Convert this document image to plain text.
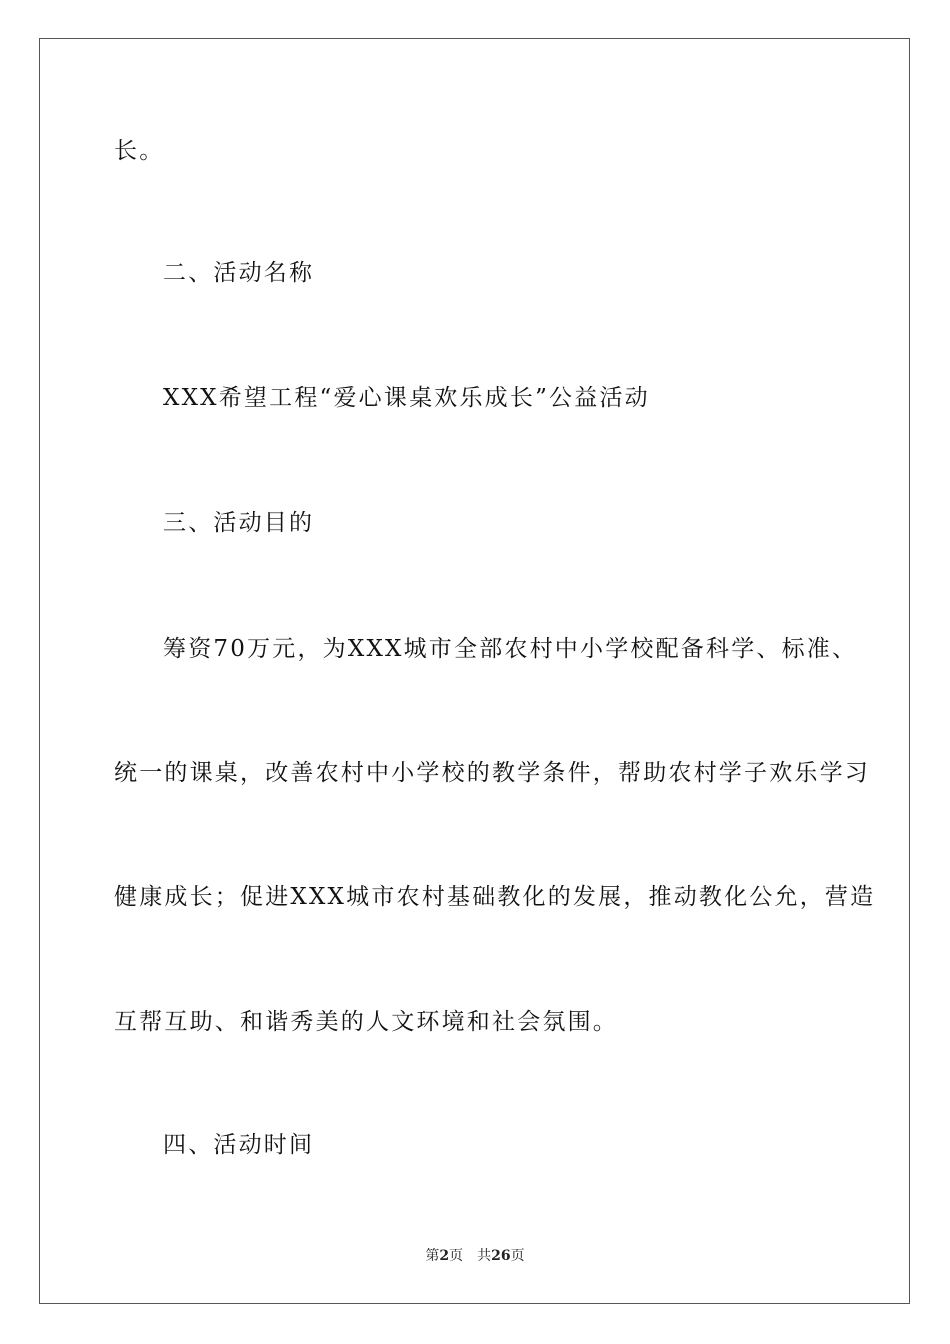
长。
二、活动名称
XXX希望工程“爱心课桌欢乐成长”公益活动
三、活动目的
筹资70万元，为XXX城市全部农村中小学校配备科学、标准、
统一的课桌，改善农村中小学校的教学条件，帮助农村学子欢乐学习
健康成长；促进XXX城市农村基础教化的发展，推动教化公允，营造
互帮互助、和谐秀美的人文环境和社会氛围。
四、活动时间
第2页 共26页
